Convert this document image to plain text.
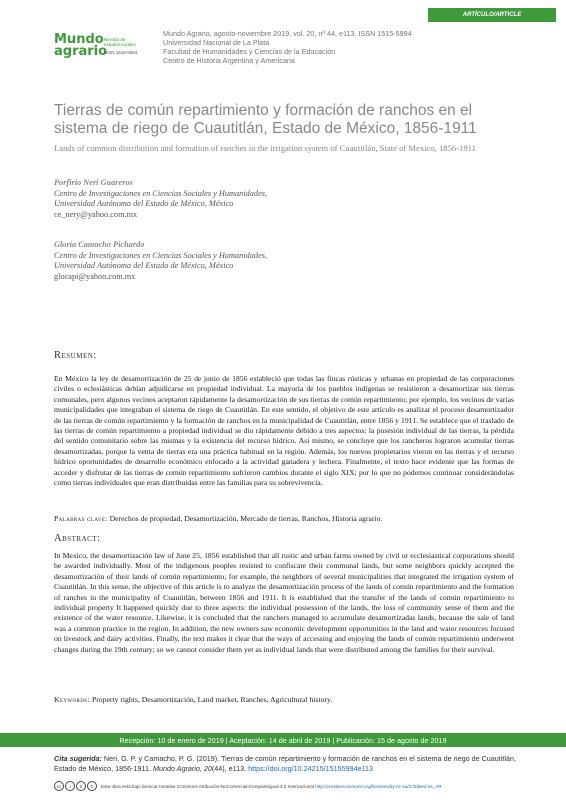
ARTÍCULO/ARTICLE
Mundo
agrario
Revista de
estudios rurales
ISSN 1515-5994
Mundo Agrario, agosto-noviembre 2019, vol. 20, nº 44, e113. ISSN 1515-5994
Universidad Nacional de La Plata
Facultad de Humanidades y Ciencias de la Educación
Centro de Historia Argentina y Americana
Tierras de común repartimiento y formación de ranchos en el sistema de riego de Cuautitlán, Estado de México, 1856-1911
Lands of common distribution and formation of ranches in the irrigation system of Cuautitlán, State of Mexico, 1856-1911
Porfirio Neri Guareros
Centro de Investigaciones en Ciencias Sociales y Humanidades,
Universidad Autónoma del Estado de México, México
ce_nery@yahoo.com.mx
Gloria Camacho Pichardo
Centro de Investigaciones en Ciencias Sociales y Humanidades,
Universidad Autónoma del Estado de México, México
glocapi@yahoo.com.mx
Resumen:
En México la ley de desamortización de 25 de junio de 1856 estableció que todas las fincas rústicas y urbanas en propiedad de las corporaciones civiles o eclesiásticas debían adjudicarse en propiedad individual. La mayoría de los pueblos indígenas se resistieron a desamortizar sus tierras comunales, pero algunos vecinos aceptaron rápidamente la desamortización de sus tierras de común repartimiento; por ejemplo, los vecinos de varias municipalidades que integraban el sistema de riego de Cuautitlán. En este sentido, el objetivo de este artículo es analizar el proceso desamortizador de las tierras de común repartimiento y la formación de ranchos en la municipalidad de Cuautitlán, entre 1856 y 1911. Se establece que el traslado de las tierras de común repartimiento a propiedad individual se dio rápidamente debido a tres aspectos: la posesión individual de las tierras, la pérdida del sentido comunitario sobre las mismas y la existencia del recurso hídrico. Así mismo, se concluye que los rancheros lograron acumular tierras desamortizadas, porque la venta de tierras era una práctica habitual en la región. Además, los nuevos propietarios vieron en las tierras y el recurso hídrico oportunidades de desarrollo económico enfocado a la actividad ganadera y lechera. Finalmente, el texto hace evidente que las formas de acceder y disfrutar de las tierras de común repartimiento sufrieron cambios durante el siglo XIX; por lo que no podemos continuar considerándolas como tierras individuales que eran distribuidas entre las familias para su sobrevivencia.
Palabras clave: Derechos de propiedad, Desamortización, Mercado de tierras, Ranchos, Historia agrario.
Abstract:
In Mexico, the desamortización law of June 25, 1856 established that all rustic and urban farms owned by civil or ecclesiastical corporations should be awarded individually. Most of the indigenous peoples resisted to confiscate their communal lands, but some neighbors quickly accepted the desamortización of their lands of común repartimiento; for example, the neighbors of several municipalities that integrated the irrigation system of Cuautitlán. In this sense, the objective of this article is to analyze the desamortización process of the lands of común repartimiento and the formation of ranches in the municipality of Cuautitlán, between 1856 and 1911. It is established that the transfer of the lands of común repartimiento to individual property It happened quickly due to three aspects: the individual possession of the lands, the loss of community sense of them and the existence of the water resource. Likewise, it is concluded that the ranchers managed to accumulate desamortizadas lands, because the sale of land was a common practice in the region. In addition, the new owners saw economic development opportunities in the land and water resources focused on livestock and dairy activities. Finally, the text makes it clear that the ways of accessing and enjoying the lands of común repartimiento underwent changes during the 19th century; so we cannot consider them yet as individual lands that were distributed among the families for their survival.
Keywords: Property rights, Desamortización, Land market, Ranches, Agricultural history.
Recepción: 10 de enero de 2019 | Aceptación: 14 de abril de 2019 | Publicación: 15 de agosto de 2019
Cita sugerida: Neri, G. P. y Camacho, P. G. (2019). Tierras de común repartimiento y formación de ranchos en el sistema de riego de Cuautitlán, Estado de México, 1856-1911. Mundo Agrario, 20(44), e113. https://doi.org/10.24215/15155994e113
cc	i	$	↻	Esta obra está bajo licencia Creative Commons Atribución-NoComercial-Compartirigual 4.0 Internacional http://creativecommons.org/licenses/by-nc-sa/4.0/deed.es_AR
